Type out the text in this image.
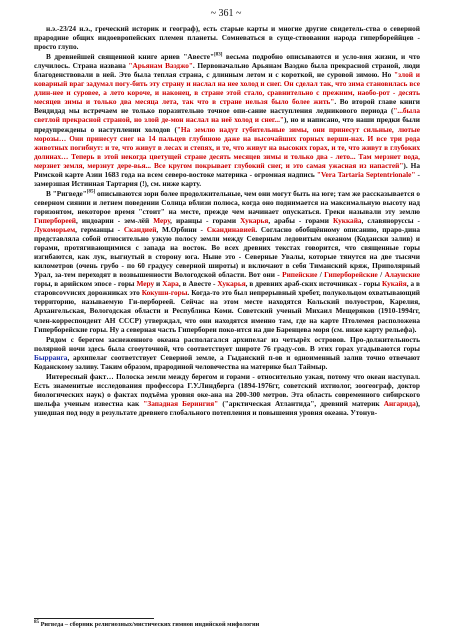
~ 361 ~

н.э.-23/24 н.э., греческий историк и географ), есть старые карты и многие другие свидетель-ства о северной прародине общих индоевропейских племен планеты. Сомневаться в суще-ствовании народа гипербореййцев - просто глупо.

В древнейшей священной книге ариев "Авесте"[83] весьма подробно описываются и усло-вия жизни, и что случилось. Страна названа "Арьянам Ваэджо". Первоначально Арьянам Ваэджо была прекрасной страной, люди благоденствовали в ней. Это была теплая страна, с длинным летом и с короткой, не суровой зимою. Но "злой и коварный враг задумал погу-бить эту страну и наслал на нее холод и снег. Он сделал так, что зима становилась все длин-нее и суровее, а лето короче, и наконец, в стране этой стало, сравнительно с прежним, наобо-рот - десять месяцев зимы и только два месяца лета, так что в стране нельзя было более жить". Во второй главе книги Вендидад мы встречаем не только поразительно точное опи-сание наступления ледникового периода ("...была светлой прекрасной страной, но злой де-мон наслал на неё холод и снег..."), но и написано, что наши предки были предупреждены о наступлении холодов ("На землю надут губительные зимы, они принесут сильные, лютые морозы… Они принесут снег на 14 пальцев глубиною даже на высочайших горных верши-нах. И все три рода животных погибнут: и те, что живут в лесах и степях, и те, что живут на высоких горах, и те, что живут в глубоких долинах… Теперь в этой некогда цветущей стране десять месяцев зимы и только два - лето... Там мерзнет вода, мерзнет земля, мерзнут дере-вья... Все кругом покрывает глубокий снег, и это самая ужасная из напастей"). На Римской карте Азии 1683 года на всем северо-востоке материка - огромная надпись "Vera Tartaria Septentrionale" - замерзшая Истинная Тартария (!), см. ниже карту.

В "Ригведе"[85] описываются зори более продолжительные, чем они могут быть на юге; там же рассказывается о северном сиянии и летнем поведении Солнца вблизи полюса, когда оно поднимается на максимальную высоту над горизонтом, некоторое время "стоит" на месте, прежде чем начинает опускаться. Греки называли эту землю Гипербореей, индоарии - зем-лёй Меру, иранцы - горами Хукарья, арабы - горами Куккайа, славяноруссы - Лукоморьем, германцы - Скандией, М.Орбини - Скандинавией. Согласно обобщённому описанию, праро-дина представляла собой относительно узкую полосу земли между Северным ледовитым океаном (Кодански залив) и горами, протягивающимися с запада на восток. Во всех древних текстах говорится, что священные горы изгибаются, как лук, выгнутый в сторону юга. Ныне это - Северные Увалы, которые тянутся на две тысячи километров (очень грубо - по 60 градусу северной широты) и включают в себя Тиманский кряж, Приполярный Урал, за-тем переходят в возвышенности Вологодской области. Вот они - Рипейские / Гиперборейские / Алаунские горы, в арийском эпосе - горы Меру и Хара, в Авесте - Хукарья, в древних араб-ских источниках - горы Кукайя, а в старовcovvисих дорожниках это Кокушн-горы. Когда-то это был непрерывный хребет, полукольцом охватывающий территорию, называемую Ги-пербореей. Сейчас на этом месте находятся Кольский полуостров, Карелия, Архангельская, Вологодская области и Республика Коми. Советский ученый Михаил Мещеряков (1910-1994гг, член-корреспондент АН СССР) утверждал, что они находятся именно там, где на карте Птолемея расположена Гиперборейские горы. Ну а северная часть Гипербореи поко-ится на дне Баренцева моря (см. ниже карту рельефа).

Рядом с берегом заснеженного океана располагался архипелаг из четырёх островов. Про-должительность полярной ночи здесь была сгоеуточной, что соответствует широте 76 граду-сов. В этих горах угадываются горы Бырранга, архипелаг соответствует Северной земле, а Гыданский п-ов и одноименный залив точно отвечают Коданскому заливу. Таким образом, прародиной человечества на материке был Таймыр.

Интересный факт… Полоска земли между берегом и горами - относительно узкая, потому что океан наступал. Есть знаменитые исследования профессора Г.У.Линдберга (1894-1976гг, советский ихтиолог, зоогеограф, доктор биологических наук) о фактах подъёма уровня оке-ана на 200-300 метров. Эта область современного сибирского шельфа ученым известна как "Западная Берингия" ("арктическая Атлантида", древний материк Ангарида), ушедшая под воду в результате древнего глобального потепления и повышения уровня океана. Утонув-

$^{85}$ Ригведа – сборник религиозных/мистических гимнов индийской мифологии
